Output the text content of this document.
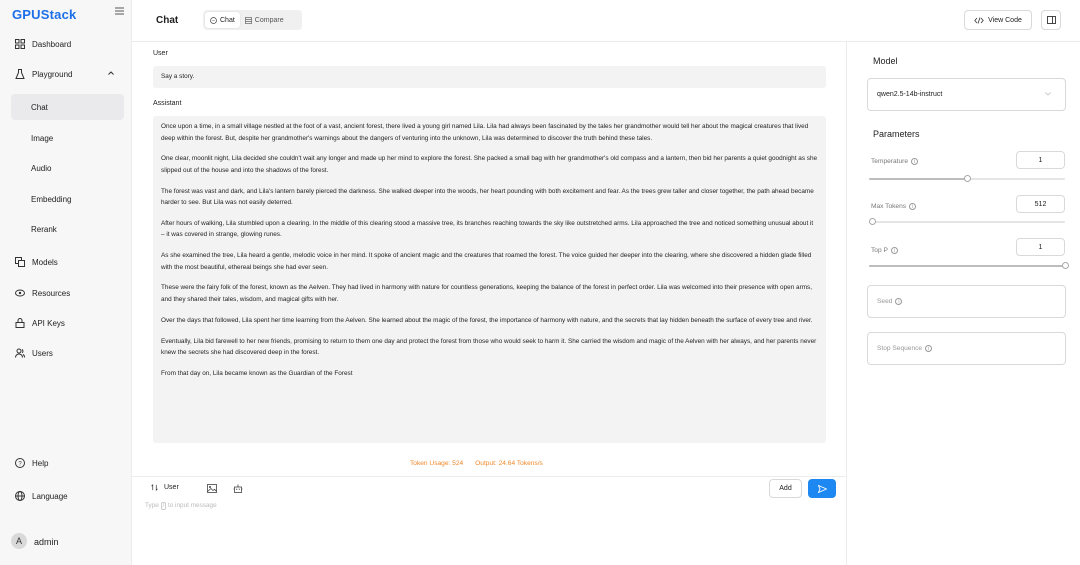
GPUStack
Dashboard
Playground
Chat
Image
Audio
Embedding
Rerank
Models
Resources
API Keys
Users
? Help
Language
A	admin
Chat	Chat	Compare	View Code
User
Say a story.
Assistant

Once upon a time, in a small village nestled at the foot of a vast, ancient forest, there lived a young girl named Lila. Lila had always been fascinated by the tales her grandmother would tell her about the magical creatures that lived deep within the forest. But, despite her grandmother's warnings about the dangers of venturing into the unknown, Lila was determined to discover the truth behind these tales.

One clear, moonlit night, Lila decided she couldn't wait any longer and made up her mind to explore the forest. She packed a small bag with her grandmother's old compass and a lantern, then bid her parents a quiet goodnight as she slipped out of the house and into the shadows of the forest.

The forest was vast and dark, and Lila's lantern barely pierced the darkness. She walked deeper into the woods, her heart pounding with both excitement and fear. As the trees grew taller and closer together, the path ahead became harder to see. But Lila was not easily deterred.

After hours of walking, Lila stumbled upon a clearing. In the middle of this clearing stood a massive tree, its branches reaching towards the sky like outstretched arms. Lila approached the tree and noticed something unusual about it – it was covered in strange, glowing runes.

As she examined the tree, Lila heard a gentle, melodic voice in her mind. It spoke of ancient magic and the creatures that roamed the forest. The voice guided her deeper into the clearing, where she discovered a hidden glade filled with the most beautiful, ethereal beings she had ever seen.

These were the fairy folk of the forest, known as the Aelven. They had lived in harmony with nature for countless generations, keeping the balance of the forest in perfect order. Lila was welcomed into their presence with open arms, and they shared their tales, wisdom, and magical gifts with her.

Over the days that followed, Lila spent her time learning from the Aelven. She learned about the magic of the forest, the importance of harmony with nature, and the secrets that lay hidden beneath the surface of every tree and river.

Eventually, Lila bid farewell to her new friends, promising to return to them one day and protect the forest from those who would seek to harm it. She carried the wisdom and magic of the Aelven with her always, and her parents never knew the secrets she had discovered deep in the forest.

From that day on, Lila became known as the Guardian of the Forest

Token Usage: 524 Output: 24.64 Tokens/s
User	Add
Type / to input message
Model
qwen2.5-14b-instruct
Parameters
Temperature	i	1
Max Tokens	i	512
Top P	i	1
Seed	i
Stop Sequence	i
